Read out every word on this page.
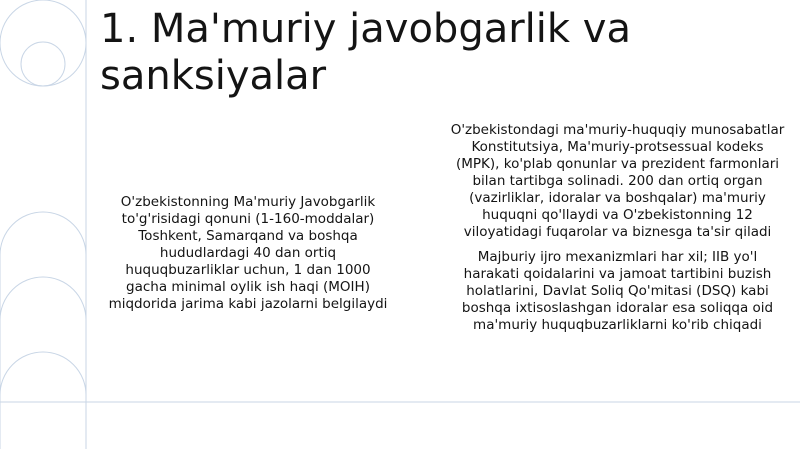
1. Ma'muriy javobgarlik va sanksiyalar

O'zbekistonning Ma'muriy Javobgarlik to'g'risidagi qonuni (1-160-moddalar) Toshkent, Samarqand va boshqa hududlardagi 40 dan ortiq huquqbuzarliklar uchun, 1 dan 1000 gacha minimal oylik ish haqi (MOIH) miqdorida jarima kabi jazolarni belgilaydi

O'zbekistondagi ma'muriy-huquqiy munosabatlar Konstitutsiya, Ma'muriy-protsessual kodeks (MPK), ko'plab qonunlar va prezident farmonlari bilan tartibga solinadi. 200 dan ortiq organ (vazirliklar, idoralar va boshqalar) ma'muriy huquqni qo'llaydi va O'zbekistonning 12 viloyatidagi fuqarolar va biznesga ta'sir qiladi

Majburiy ijro mexanizmlari har xil; IIB yo'l harakati qoidalarini va jamoat tartibini buzish holatlarini, Davlat Soliq Qo'mitasi (DSQ) kabi boshqa ixtisoslashgan idoralar esa soliqqa oid ma'muriy huquqbuzarliklarni ko'rib chiqadi
